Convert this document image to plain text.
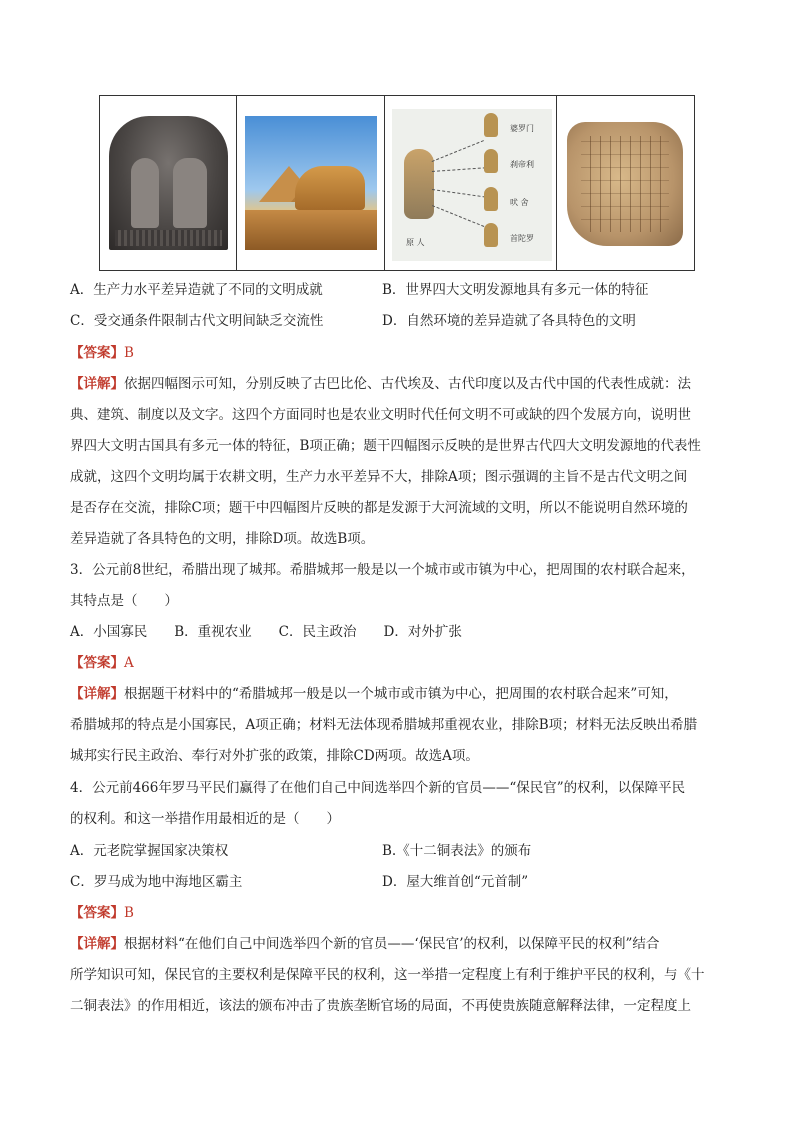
婆罗门
刹帝利
吠 舍
首陀罗
原 人
A．生产力水平差异造就了不同的文明成就	B．世界四大文明发源地具有多元一体的特征
C．受交通条件限制古代文明间缺乏交流性	D．自然环境的差异造就了各具特色的文明
【答案】B
【详解】依据四幅图示可知，分别反映了古巴比伦、古代埃及、古代印度以及古代中国的代表性成就：法
典、建筑、制度以及文字。这四个方面同时也是农业文明时代任何文明不可或缺的四个发展方向，说明世
界四大文明古国具有多元一体的特征，B项正确；题干四幅图示反映的是世界古代四大文明发源地的代表性
成就，这四个文明均属于农耕文明，生产力水平差异不大，排除A项；图示强调的主旨不是古代文明之间
是否存在交流，排除C项；题干中四幅图片反映的都是发源于大河流域的文明，所以不能说明自然环境的
差异造就了各具特色的文明，排除D项。故选B项。
3．公元前8世纪，希腊出现了城邦。希腊城邦一般是以一个城市或市镇为中心，把周围的农村联合起来，
其特点是（　　）
A．小国寡民　　B．重视农业　　C．民主政治　　D．对外扩张
【答案】A
【详解】根据题干材料中的“希腊城邦一般是以一个城市或市镇为中心，把周围的农村联合起来”可知，
希腊城邦的特点是小国寡民，A项正确；材料无法体现希腊城邦重视农业，排除B项；材料无法反映出希腊
城邦实行民主政治、奉行对外扩张的政策，排除CD两项。故选A项。
4．公元前466年罗马平民们赢得了在他们自己中间选举四个新的官员——“保民官”的权利，以保障平民
的权利。和这一举措作用最相近的是（　　）
A．元老院掌握国家决策权	B.《十二铜表法》的颁布
C．罗马成为地中海地区霸主	D．屋大维首创“元首制”
【答案】B
【详解】根据材料“在他们自己中间选举四个新的官员——‘保民官’的权利，以保障平民的权利”结合
所学知识可知，保民官的主要权利是保障平民的权利，这一举措一定程度上有利于维护平民的权利，与《十
二铜表法》的作用相近，该法的颁布冲击了贵族垄断官场的局面，不再使贵族随意解释法律，一定程度上
